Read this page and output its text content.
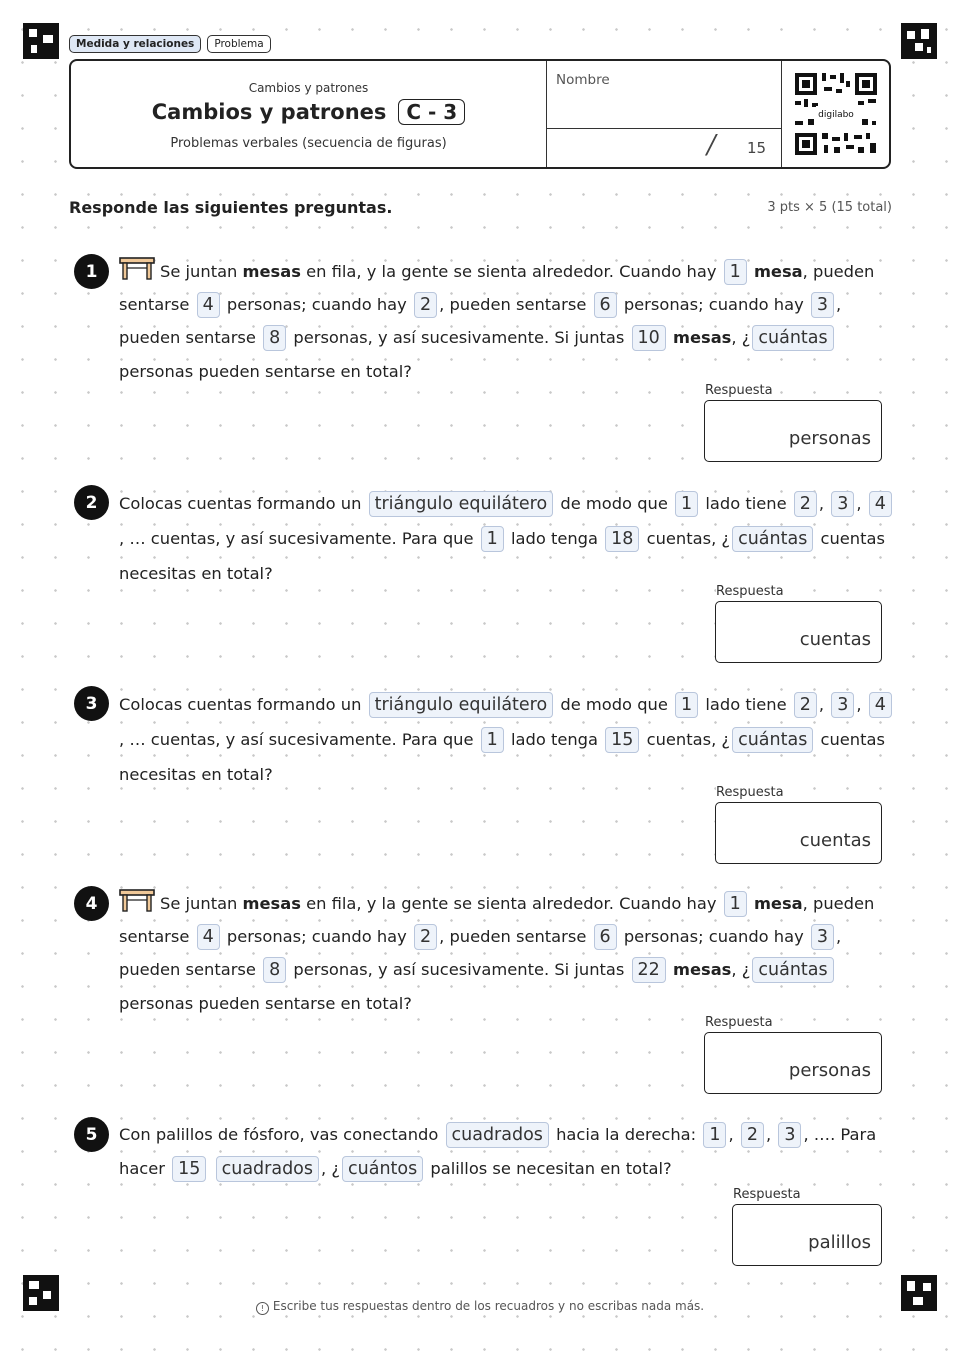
Medida y relaciones	Problema
Cambios y patrones
Cambios y patrones	C - 3
Problemas verbales (secuencia de figuras)
Nombre
/ 15
digilabo
Responde las siguientes preguntas.	3 pts × 5 (15 total)
1	Se juntan mesas en fila, y la gente se sienta alrededor. Cuando hay 1 mesa, pueden sentarse 4 personas; cuando hay 2 , pueden sentarse 6 personas; cuando hay 3 , pueden sentarse 8 personas, y así sucesivamente. Si juntas 10 mesas, ¿ cuántas personas pueden sentarse en total?
Respuesta
personas
2	Colocas cuentas formando un triángulo equilátero de modo que 1 lado tiene 2 , 3 , 4, … cuentas, y así sucesivamente. Para que 1 lado tenga 18 cuentas, ¿ cuántas cuentas necesitas en total?
Respuesta
cuentas
3	Colocas cuentas formando un triángulo equilátero de modo que 1 lado tiene 2 , 3 , 4, … cuentas, y así sucesivamente. Para que 1 lado tenga 15 cuentas, ¿ cuántas cuentas necesitas en total?
Respuesta
cuentas
4	Se juntan mesas en fila, y la gente se sienta alrededor. Cuando hay 1 mesa, pueden sentarse 4 personas; cuando hay 2 , pueden sentarse 6 personas; cuando hay 3 , pueden sentarse 8 personas, y así sucesivamente. Si juntas 22 mesas, ¿ cuántas personas pueden sentarse en total?
Respuesta
personas
5	Con palillos de fósforo, vas conectando cuadrados hacia la derecha: 1 , 2 , 3 , …. Para hacer 15 cuadrados , ¿ cuántos palillos se necesitan en total?
Respuesta
palillos
! Escribe tus respuestas dentro de los recuadros y no escribas nada más.
